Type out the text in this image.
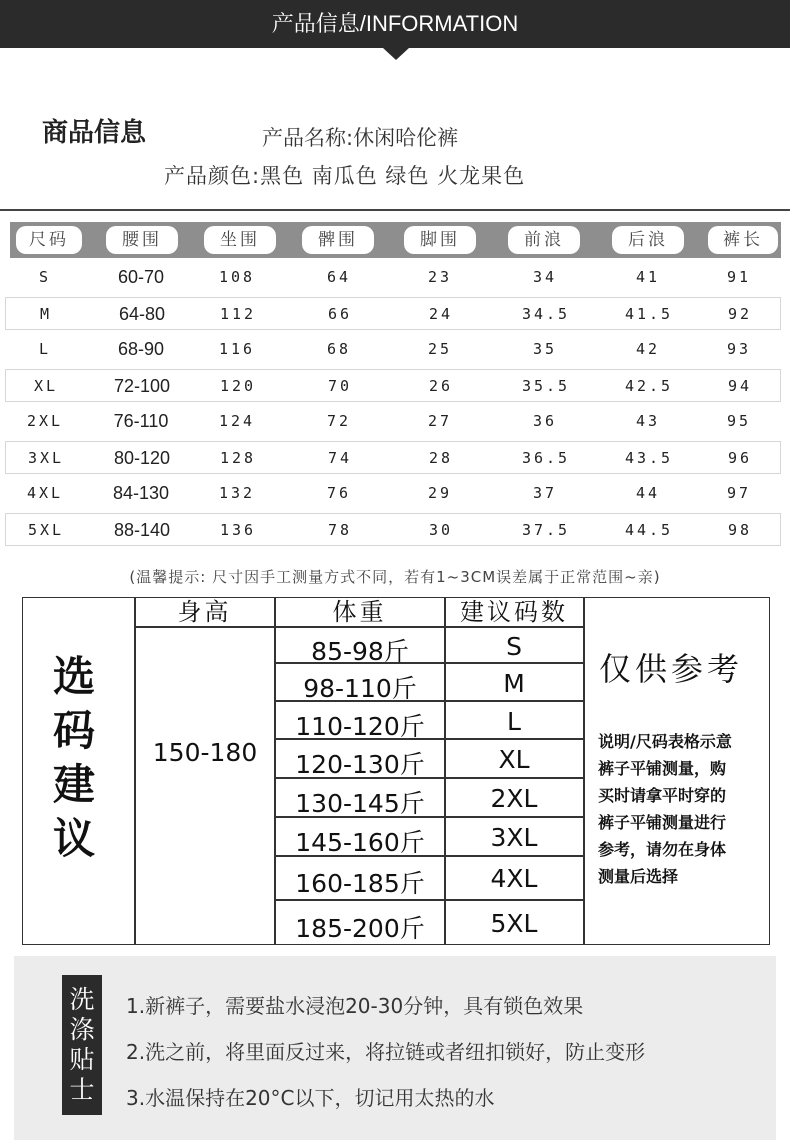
产品信息/INFORMATION
商品信息	产品名称:休闲哈伦裤
产品颜色:黑色 南瓜色 绿色 火龙果色
尺码	腰围	坐围	髀围	脚围	前浪	后浪	裤长
S	60-70	108	64	23	34	41	91
M	64-80	112	66	24	34.5	41.5	92
L	68-90	116	68	25	35	42	93
XL	72-100	120	70	26	35.5	42.5	94
2XL	76-110	124	72	27	36	43	95
3XL	80-120	128	74	28	36.5	43.5	96
4XL	84-130	132	76	29	37	44	97
5XL	88-140	136	78	30	37.5	44.5	98
(温馨提示: 尺寸因手工测量方式不同，若有1~3CM误差属于正常范围~亲)
选
码
建
议
身高	体重	建议码数
150-180
85-98斤	S
98-110斤	M
110-120斤	L
120-130斤	XL
130-145斤	2XL
145-160斤	3XL
160-185斤	4XL
185-200斤	5XL
仅供参考
说明/尺码表格示意
裤子平铺测量，购
买时请拿平时穿的
裤子平铺测量进行
参考，请勿在身体
测量后选择
洗
涤
贴
士
1.新裤子，需要盐水浸泡20-30分钟，具有锁色效果
2.洗之前，将里面反过来，将拉链或者纽扣锁好，防止变形
3.水温保持在20°C以下，切记用太热的水
